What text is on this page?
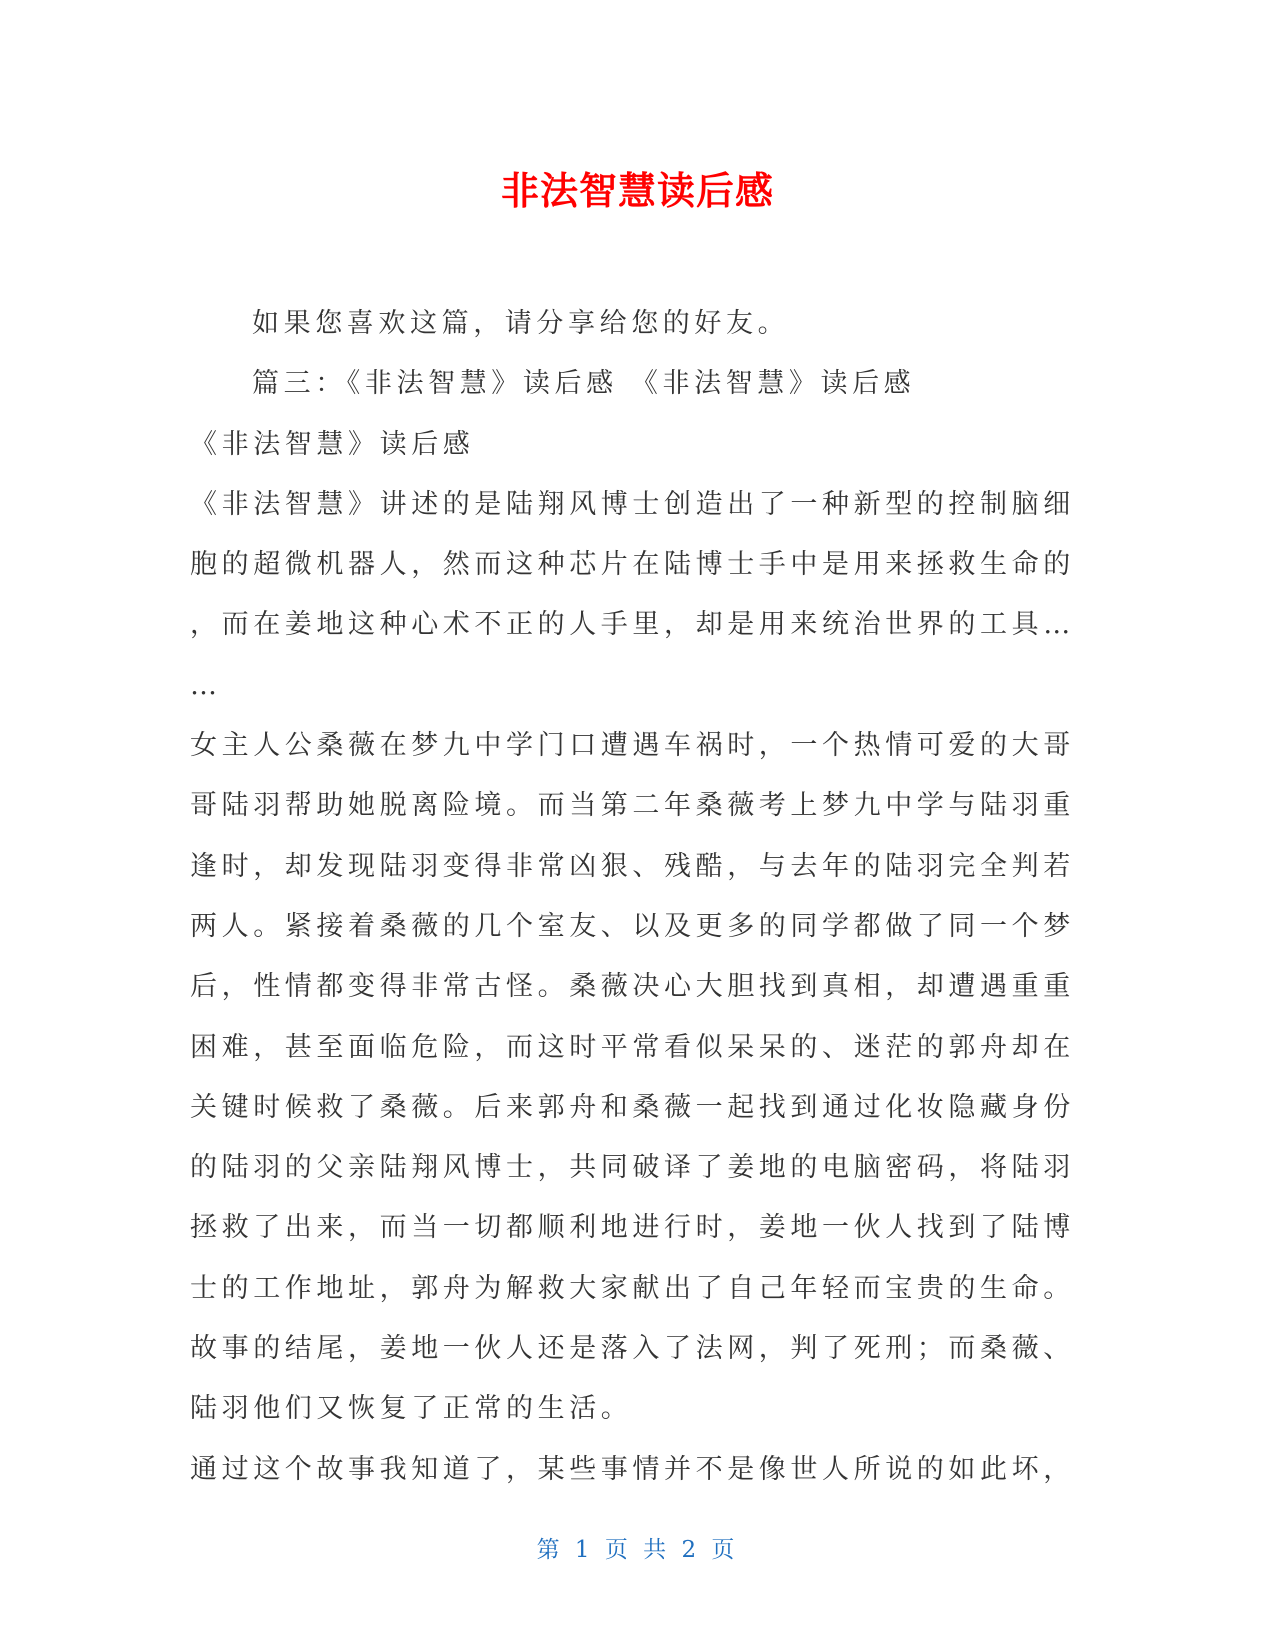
非法智慧读后感
如果您喜欢这篇，请分享给您的好友。
篇三：《非法智慧》读后感 《非法智慧》读后感
《非法智慧》读后感
《非法智慧》讲述的是陆翔风博士创造出了一种新型的控制脑细
胞的超微机器人，然而这种芯片在陆博士手中是用来拯救生命的
，而在姜地这种心术不正的人手里，却是用来统治世界的工具…
…
女主人公桑薇在梦九中学门口遭遇车祸时，一个热情可爱的大哥
哥陆羽帮助她脱离险境。而当第二年桑薇考上梦九中学与陆羽重
逢时，却发现陆羽变得非常凶狠、残酷，与去年的陆羽完全判若
两人。紧接着桑薇的几个室友、以及更多的同学都做了同一个梦
后，性情都变得非常古怪。桑薇决心大胆找到真相，却遭遇重重
困难，甚至面临危险，而这时平常看似呆呆的、迷茫的郭舟却在
关键时候救了桑薇。后来郭舟和桑薇一起找到通过化妆隐藏身份
的陆羽的父亲陆翔风博士，共同破译了姜地的电脑密码，将陆羽
拯救了出来，而当一切都顺利地进行时，姜地一伙人找到了陆博
士的工作地址，郭舟为解救大家献出了自己年轻而宝贵的生命。
故事的结尾，姜地一伙人还是落入了法网，判了死刑；而桑薇、
陆羽他们又恢复了正常的生活。
通过这个故事我知道了，某些事情并不是像世人所说的如此坏，
第 1 页 共 2 页
